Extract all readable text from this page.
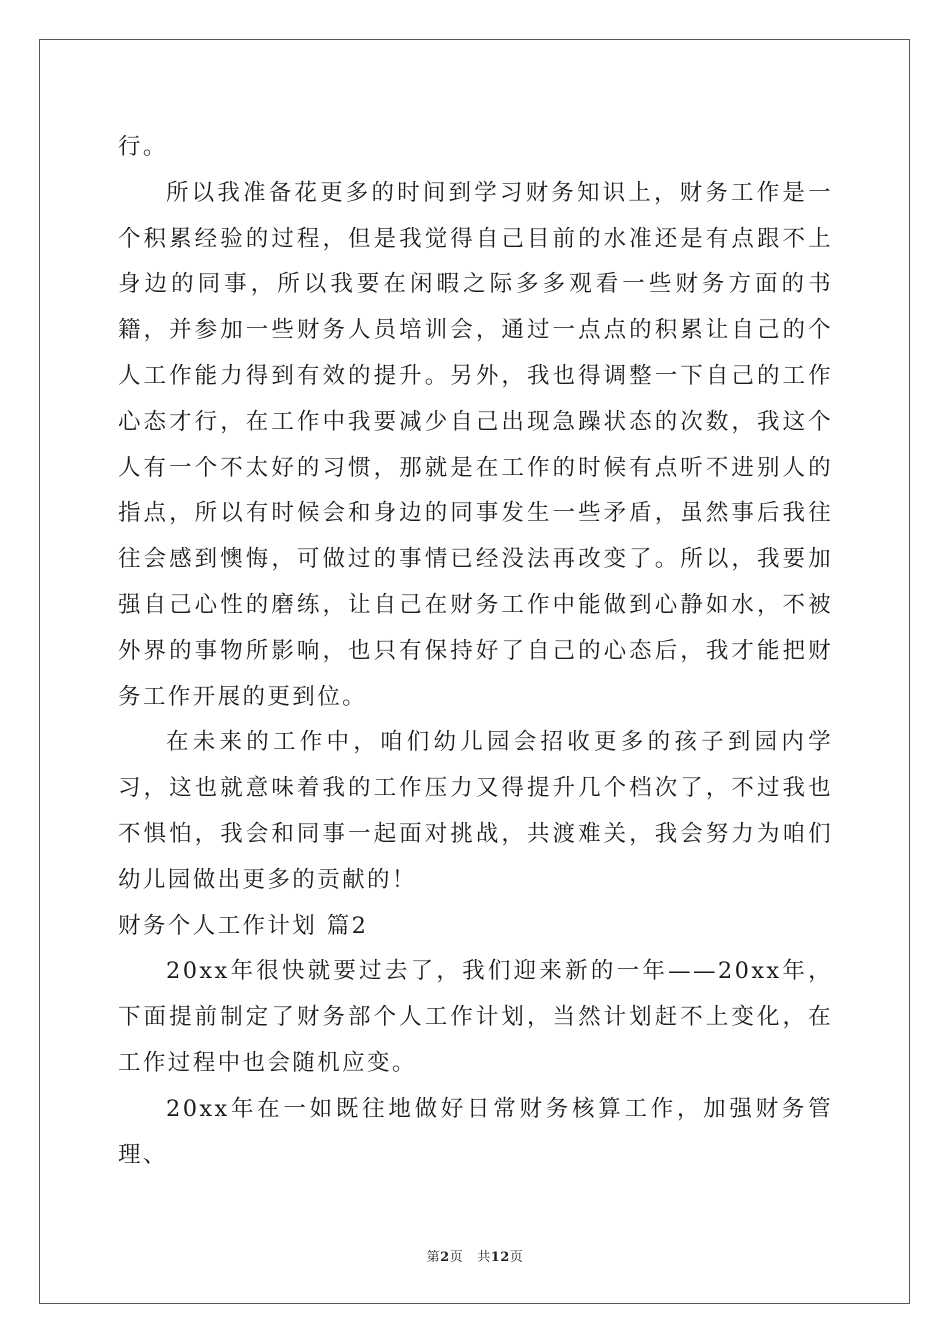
行。

所以我准备花更多的时间到学习财务知识上，财务工作是一个积累经验的过程，但是我觉得自己目前的水准还是有点跟不上身边的同事，所以我要在闲暇之际多多观看一些财务方面的书籍，并参加一些财务人员培训会，通过一点点的积累让自己的个人工作能力得到有效的提升。另外，我也得调整一下自己的工作心态才行，在工作中我要减少自己出现急躁状态的次数，我这个人有一个不太好的习惯，那就是在工作的时候有点听不进别人的指点，所以有时候会和身边的同事发生一些矛盾，虽然事后我往往会感到懊悔，可做过的事情已经没法再改变了。所以，我要加强自己心性的磨练，让自己在财务工作中能做到心静如水，不被外界的事物所影响，也只有保持好了自己的心态后，我才能把财务工作开展的更到位。

在未来的工作中，咱们幼儿园会招收更多的孩子到园内学习，这也就意味着我的工作压力又得提升几个档次了，不过我也不惧怕，我会和同事一起面对挑战，共渡难关，我会努力为咱们幼儿园做出更多的贡献的！

财务个人工作计划 篇2

20xx年很快就要过去了，我们迎来新的一年——20xx年，下面提前制定了财务部个人工作计划，当然计划赶不上变化，在工作过程中也会随机应变。

20xx年在一如既往地做好日常财务核算工作，加强财务管理、

第2页 共12页
